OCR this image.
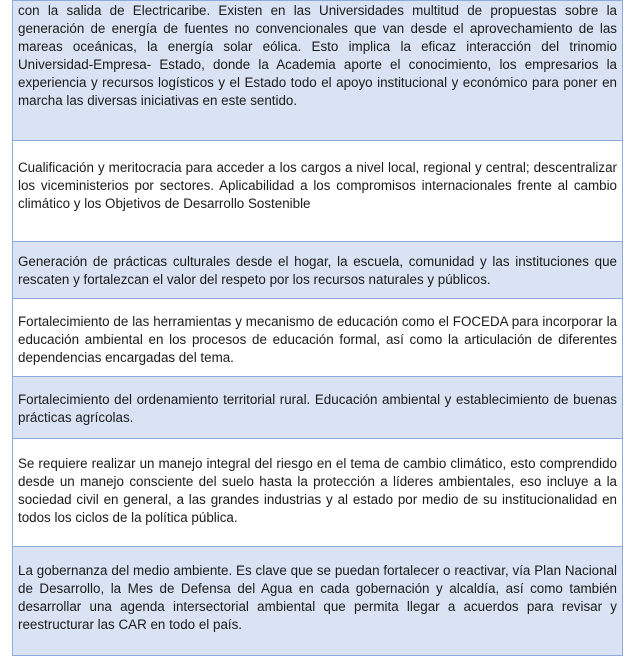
con la salida de Electricaribe. Existen en las Universidades multitud de propuestas sobre la generación de energía de fuentes no convencionales que van desde el aprovechamiento de las mareas oceánicas, la energía solar eólica. Esto implica la eficaz interacción del trinomio Universidad-Empresa- Estado, donde la Academia aporte el conocimiento, los empresarios la experiencia y recursos logísticos y el Estado todo el apoyo institucional y económico para poner en marcha las diversas iniciativas en este sentido.

Cualificación y meritocracia para acceder a los cargos a nivel local, regional y central; descentralizar los viceministerios por sectores. Aplicabilidad a los compromisos internacionales frente al cambio climático y los Objetivos de Desarrollo Sostenible

Generación de prácticas culturales desde el hogar, la escuela, comunidad y las instituciones que rescaten y fortalezcan el valor del respeto por los recursos naturales y públicos.

Fortalecimiento de las herramientas y mecanismo de educación como el FOCEDA para incorporar la educación ambiental en los procesos de educación formal, así como la articulación de diferentes dependencias encargadas del tema.

Fortalecimiento del ordenamiento territorial rural. Educación ambiental y establecimiento de buenas prácticas agrícolas.

Se requiere realizar un manejo integral del riesgo en el tema de cambio climático, esto comprendido desde un manejo consciente del suelo hasta la protección a líderes ambientales, eso incluye a la sociedad civil en general, a las grandes industrias y al estado por medio de su institucionalidad en todos los ciclos de la política pública.

La gobernanza del medio ambiente. Es clave que se puedan fortalecer o reactivar, vía Plan Nacional de Desarrollo, la Mes de Defensa del Agua en cada gobernación y alcaldía, así como también desarrollar una agenda intersectorial ambiental que permita llegar a acuerdos para revisar y reestructurar las CAR en todo el país.
